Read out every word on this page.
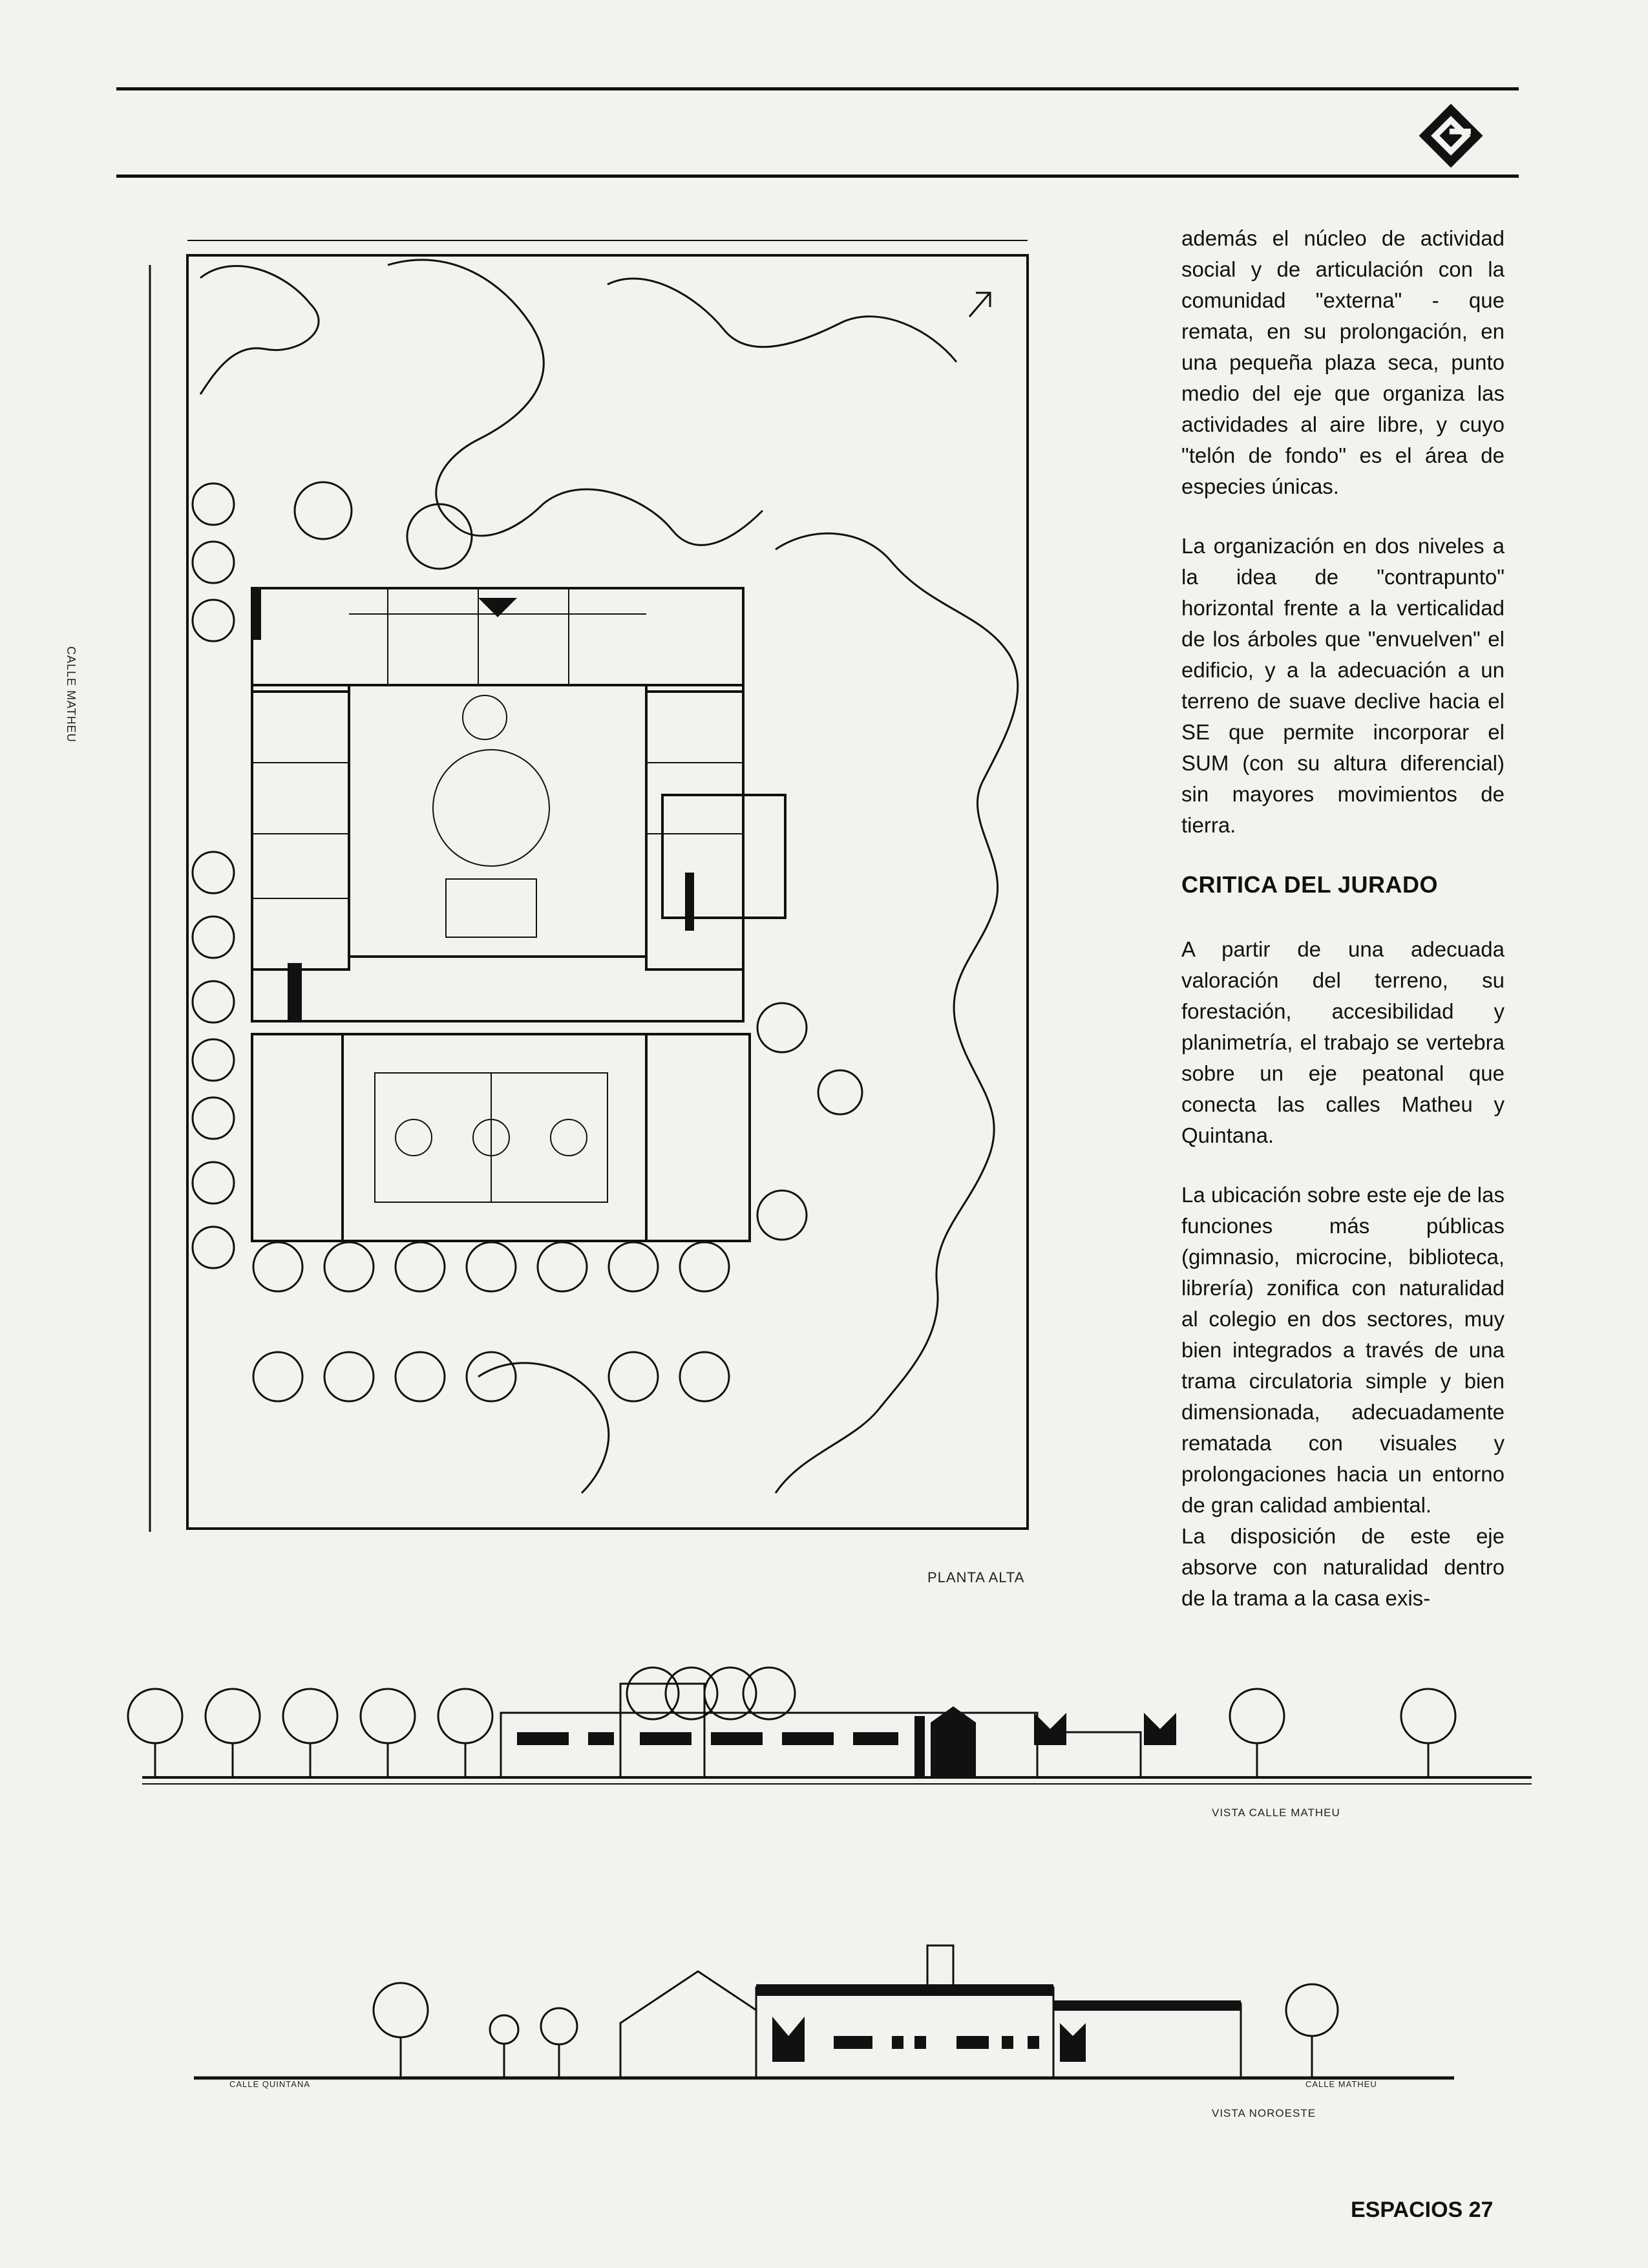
además el núcleo de actividad social y de articulación con la comunidad "externa" - que remata, en su prolongación, en una pequeña plaza seca, punto medio del eje que organiza las actividades al aire libre, y cuyo "telón de fondo" es el área de especies únicas.

La organización en dos niveles a la idea de "contrapunto" horizontal frente a la verticalidad de los árboles que "envuelven" el edificio, y a la adecuación a un terreno de suave declive hacia el SE que permite incorporar el SUM (con su altura diferencial) sin mayores movimientos de tierra.

CRITICA DEL JURADO

A partir de una adecuada valoración del terreno, su forestación, accesibilidad y planimetría, el trabajo se vertebra sobre un eje peatonal que conecta las calles Matheu y Quintana.

La ubicación sobre este eje de las funciones más públicas (gimnasio, microcine, biblioteca, librería) zonifica con naturalidad al colegio en dos sectores, muy bien integrados a través de una trama circulatoria simple y bien dimensionada, adecuadamente rematada con visuales y prolongaciones hacia un entorno de gran calidad ambiental.

La disposición de este eje absorve con naturalidad dentro de la trama a la casa exis-

CALLE MATHEU
PLANTA ALTA
VISTA CALLE MATHEU
CALLE QUINTANA	CALLE MATHEU
VISTA NOROESTE
ESPACIOS 27
